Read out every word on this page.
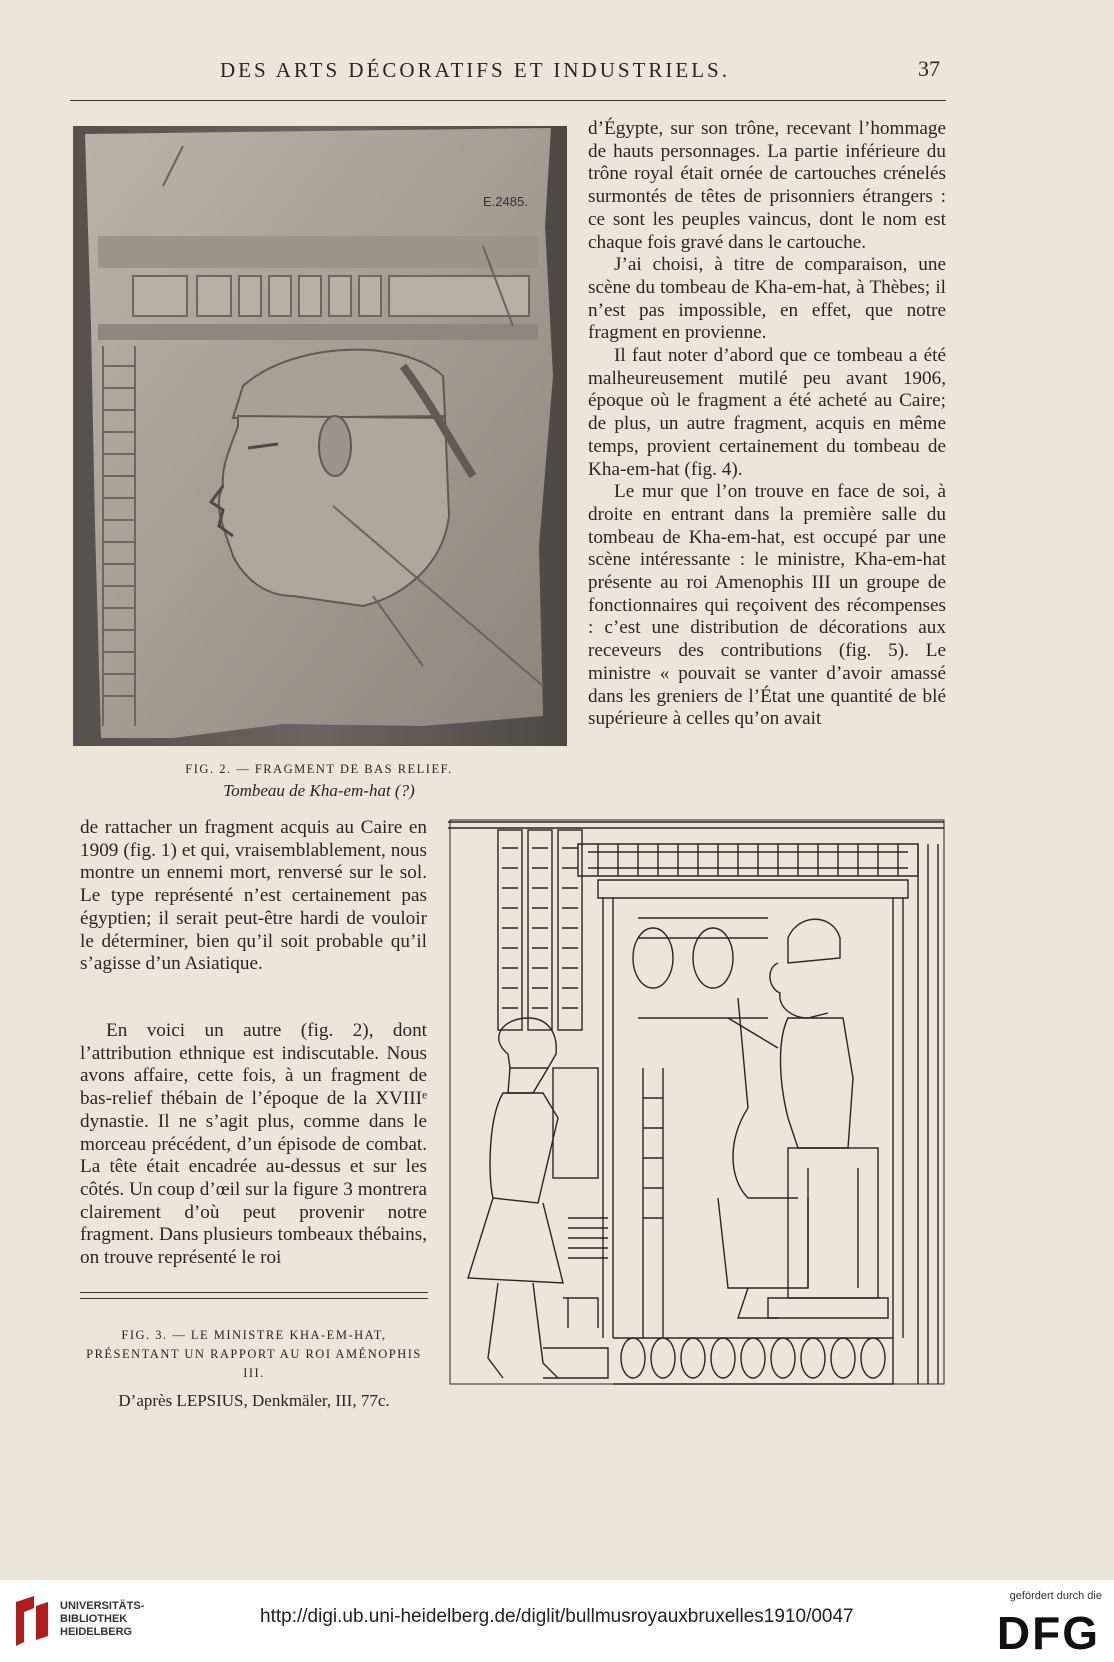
DES ARTS DÉCORATIFS ET INDUSTRIELS.	37
E.2485.
FIG. 2. — FRAGMENT DE BAS RELIEF.
Tombeau de Kha-em-hat (?)

d’Égypte, sur son trône, recevant l’hommage de hauts personnages. La partie inférieure du trône royal était ornée de cartouches crénelés surmontés de têtes de prisonniers étrangers : ce sont les peuples vaincus, dont le nom est chaque fois gravé dans le cartouche.

J’ai choisi, à titre de comparaison, une scène du tombeau de Kha-em-hat, à Thèbes; il n’est pas impossible, en effet, que notre fragment en provienne.

Il faut noter d’abord que ce tombeau a été malheureusement mutilé peu avant 1906, époque où le fragment a été acheté au Caire; de plus, un autre fragment, acquis en même temps, provient certainement du tombeau de Kha-em-hat (fig. 4).

Le mur que l’on trouve en face de soi, à droite en entrant dans la première salle du tombeau de Kha-em-hat, est occupé par une scène intéressante : le ministre, Kha-em-hat présente au roi Amenophis III un groupe de fonctionnaires qui reçoivent des récompenses : c’est une distribution de décorations aux receveurs des contributions (fig. 5). Le ministre « pouvait se vanter d’avoir amassé dans les greniers de l’État une quantité de blé supérieure à celles qu’on avait

de rattacher un fragment acquis au Caire en 1909 (fig. 1) et qui, vraisemblablement, nous montre un ennemi mort, renversé sur le sol. Le type représenté n’est certainement pas égyptien; il serait peut-être hardi de vouloir le déterminer, bien qu’il soit probable qu’il s’agisse d’un Asiatique.

En voici un autre (fig. 2), dont l’attribution ethnique est indiscutable. Nous avons affaire, cette fois, à un fragment de bas-relief thébain de l’époque de la XVIIIᵉ dynastie. Il ne s’agit plus, comme dans le morceau précédent, d’un épisode de combat. La tête était encadrée au-dessus et sur les côtés. Un coup d’œil sur la figure 3 montrera clairement d’où peut provenir notre fragment. Dans plusieurs tombeaux thébains, on trouve représenté le roi

FIG. 3. — LE MINISTRE KHA-EM-HAT, PRÉSENTANT UN RAPPORT AU ROI AMÉNOPHIS III.
D’après LEPSIUS, Denkmäler, III, 77c.
UNIVERSITÄTS-
BIBLIOTHEK
HEIDELBERG
http://digi.ub.uni-heidelberg.de/diglit/bullmusroyauxbruxelles1910/0047
gefördert durch die
DFG
